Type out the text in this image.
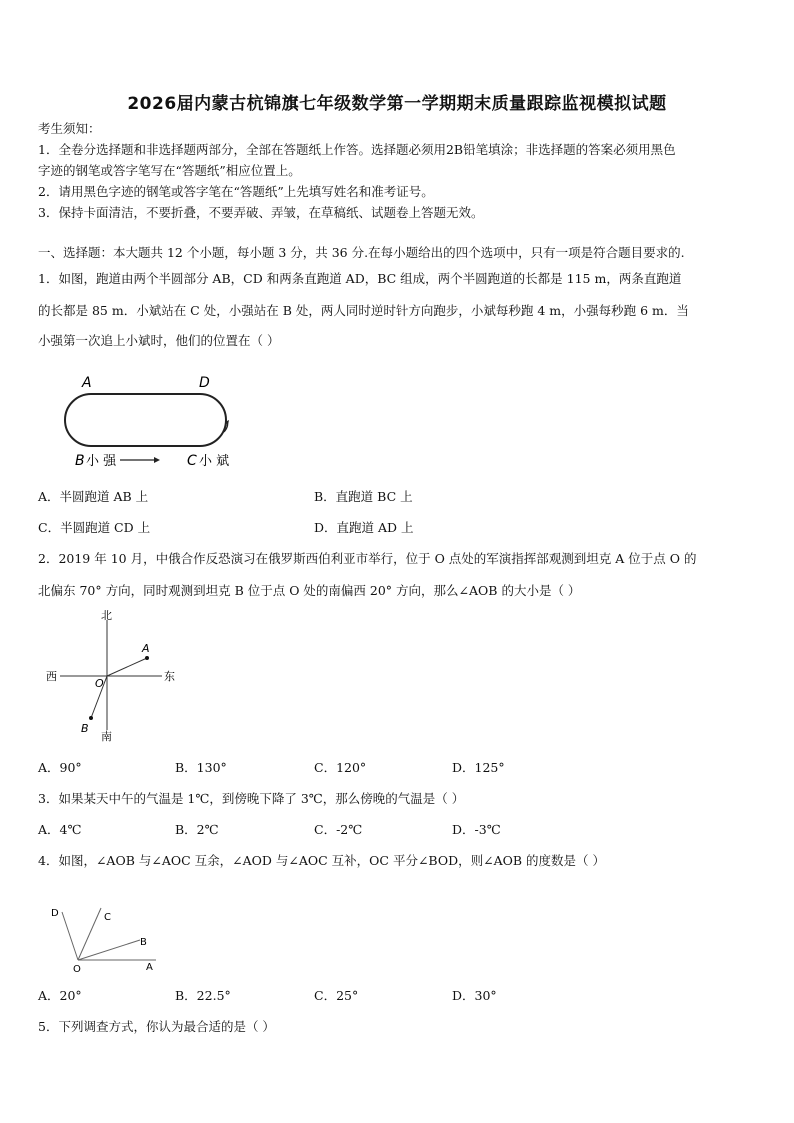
2026届内蒙古杭锦旗七年级数学第一学期期末质量跟踪监视模拟试题
考生须知：
1．全卷分选择题和非选择题两部分，全部在答题纸上作答。选择题必须用2B铅笔填涂；非选择题的答案必须用黑色
字迹的钢笔或答字笔写在“答题纸”相应位置上。
2．请用黑色字迹的钢笔或答字笔在“答题纸”上先填写姓名和准考证号。
3．保持卡面清洁，不要折叠，不要弄破、弄皱，在草稿纸、试题卷上答题无效。
一、选择题：本大题共 12 个小题，每小题 3 分，共 36 分.在每小题给出的四个选项中，只有一项是符合题目要求的.
1．如图，跑道由两个半圆部分 AB，CD 和两条直跑道 AD，BC 组成，两个半圆跑道的长都是 115 m，两条直跑道
的长都是 85 m．小斌站在 C 处，小强站在 B 处，两人同时逆时针方向跑步，小斌每秒跑 4 m，小强每秒跑 6 m．当
小强第一次追上小斌时，他们的位置在（ ）
A	D
B	C
小 强	小 斌
A．半圆跑道 AB 上	B．直跑道 BC 上
C．半圆跑道 CD 上	D．直跑道 AD 上
2．2019 年 10 月，中俄合作反恐演习在俄罗斯西伯利亚市举行，位于 O 点处的军演指挥部观测到坦克 A 位于点 O 的
北偏东 70° 方向，同时观测到坦克 B 位于点 O 处的南偏西 20° 方向，那么∠AOB 的大小是（ ）
北
南
西	东
O
A
B
A．90°	B．130°	C．120°	D．125°
3．如果某天中午的气温是 1℃，到傍晚下降了 3℃，那么傍晚的气温是（ ）
A．4℃	B．2℃	C．-2℃	D．-3℃
4．如图，∠AOB 与∠AOC 互余，∠AOD 与∠AOC 互补，OC 平分∠BOD，则∠AOB 的度数是（ ）
D	C
B
A
O
A．20°	B．22.5°	C．25°	D．30°
5．下列调查方式，你认为最合适的是（ ）
